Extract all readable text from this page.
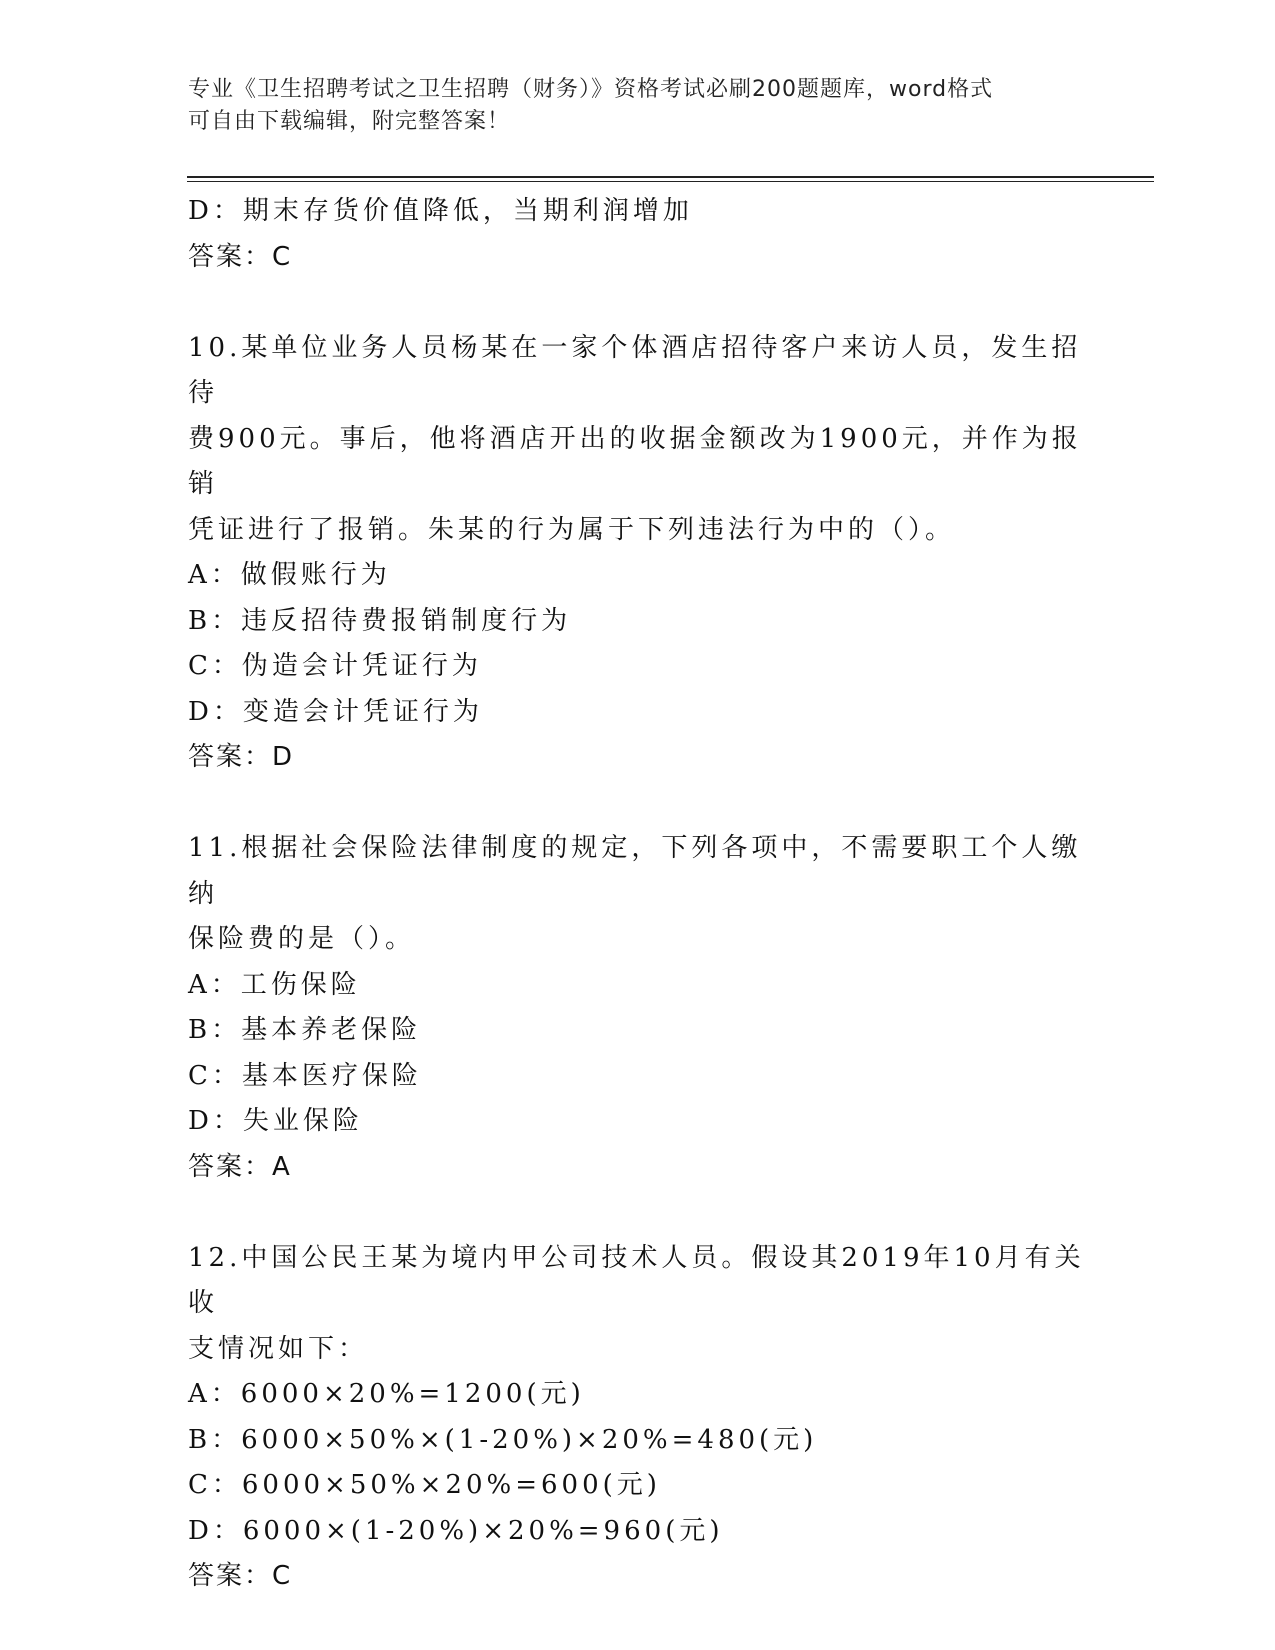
专业《卫生招聘考试之卫生招聘（财务）》资格考试必刷200题题库，word格式
可自由下载编辑，附完整答案！
D：期末存货价值降低，当期利润增加
答案：C
10.某单位业务人员杨某在一家个体酒店招待客户来访人员，发生招待
费900元。事后，他将酒店开出的收据金额改为1900元，并作为报销
凭证进行了报销。朱某的行为属于下列违法行为中的（）。
A：做假账行为
B：违反招待费报销制度行为
C：伪造会计凭证行为
D：变造会计凭证行为
答案：D
11.根据社会保险法律制度的规定，下列各项中，不需要职工个人缴纳
保险费的是（）。
A：工伤保险
B：基本养老保险
C：基本医疗保险
D：失业保险
答案：A
12.中国公民王某为境内甲公司技术人员。假设其2019年10月有关收
支情况如下：
A：6000×20%=1200(元)
B：6000×50%×(1-20%)×20%=480(元)
C：6000×50%×20%=600(元)
D：6000×(1-20%)×20%=960(元)
答案：C
